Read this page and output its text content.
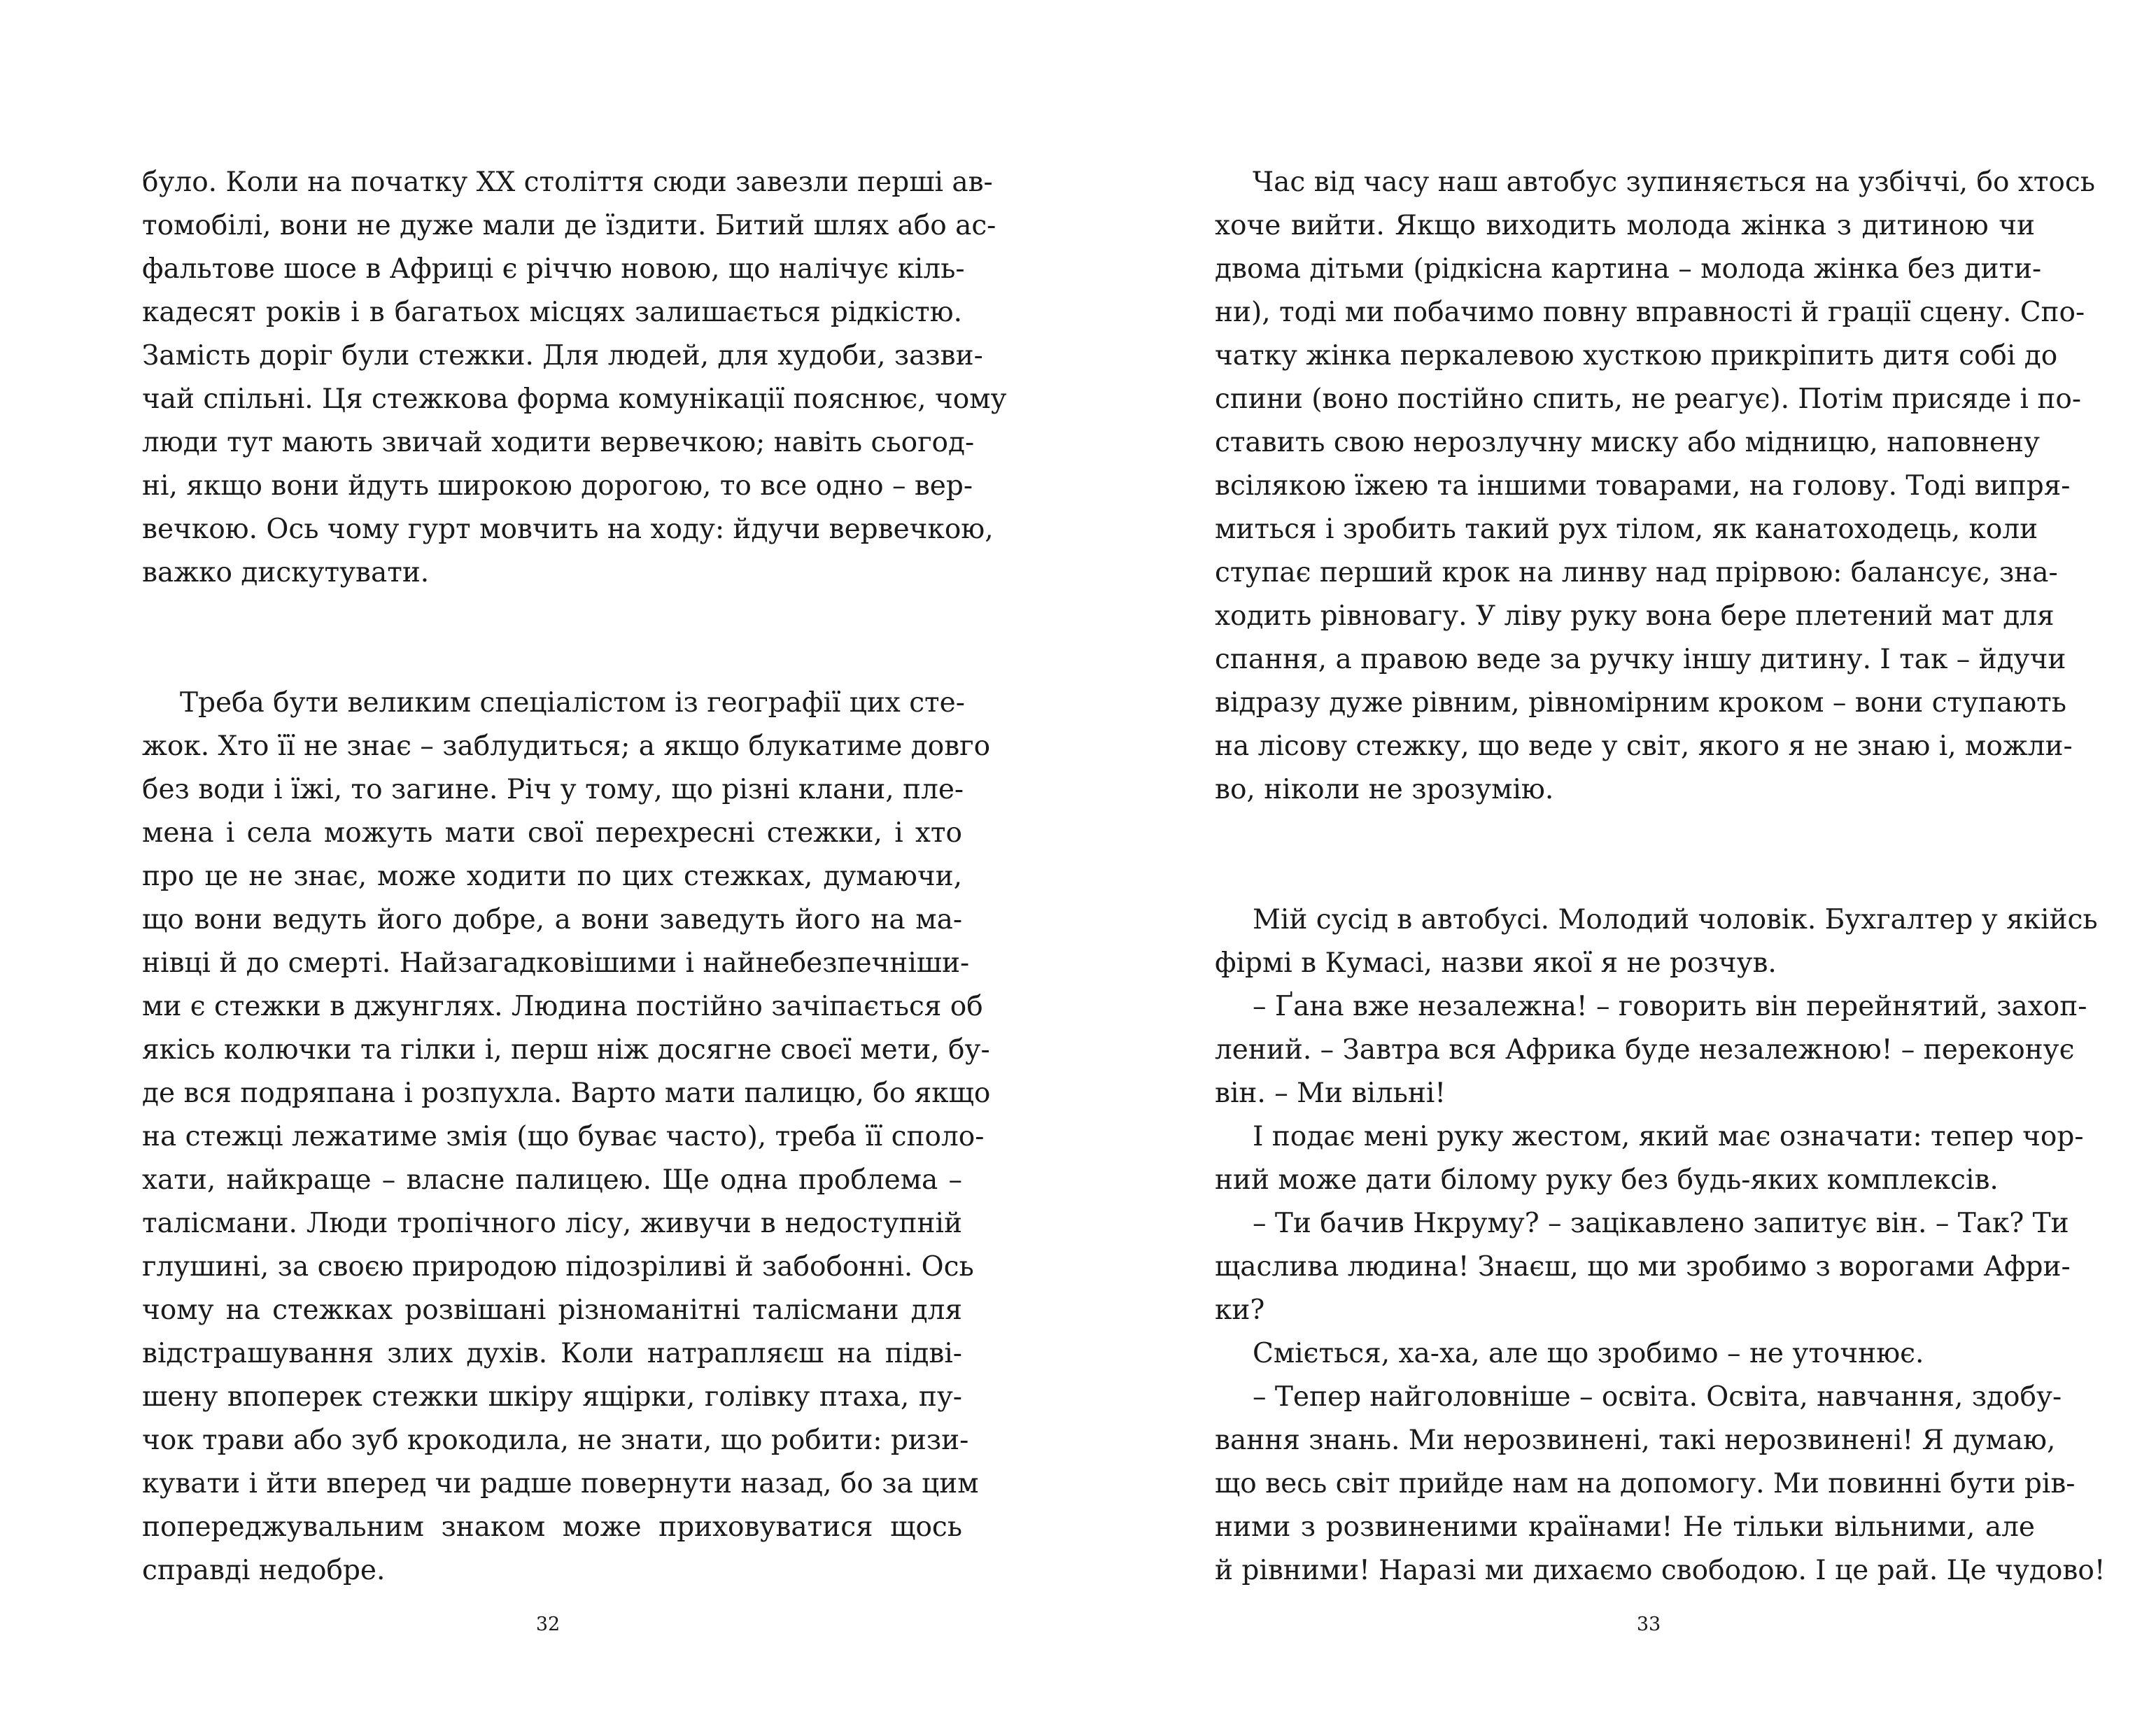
було. Коли на початку XX століття сюди завезли перші ав-
томобілі, вони не дуже мали де їздити. Битий шлях або ас-
фальтове шосе в Африці є річчю новою, що налічує кіль-
кадесят років і в багатьох місцях залишається рідкістю.
Замість доріг були стежки. Для людей, для худоби, зазви-
чай спільні. Ця стежкова форма комунікації пояснює, чому
люди тут мають звичай ходити вервечкою; навіть сьогод-
ні, якщо вони йдуть широкою дорогою, то все одно – вер-
вечкою. Ось чому гурт мовчить на ходу: йдучи вервечкою,
важко дискутувати.

Треба бути великим спеціалістом із географії цих сте-
жок. Хто її не знає – заблудиться; а якщо блукатиме довго
без води і їжі, то загине. Річ у тому, що різні клани, пле-
мена і села можуть мати свої перехресні стежки, і хто
про це не знає, може ходити по цих стежках, думаючи,
що вони ведуть його добре, а вони заведуть його на ма-
нівці й до смерті. Найзагадковішими і найнебезпечніши-
ми є стежки в джунглях. Людина постійно зачіпається об
якісь колючки та гілки і, перш ніж досягне своєї мети, бу-
де вся подряпана і розпухла. Варто мати палицю, бо якщо
на стежці лежатиме змія (що буває часто), треба її споло-
хати, найкраще – власне палицею. Ще одна проблема –
талісмани. Люди тропічного лісу, живучи в недоступній
глушині, за своєю природою підозріливі й забобонні. Ось
чому на стежках розвішані різноманітні талісмани для
відстрашування злих духів. Коли натрапляєш на підві-
шену впоперек стежки шкіру ящірки, голівку птаха, пу-
чок трави або зуб крокодила, не знати, що робити: ризи-
кувати і йти вперед чи радше повернути назад, бо за цим
попереджувальним знаком може приховуватися щось
справді недобре.

32

Час від часу наш автобус зупиняється на узбіччі, бо хтось
хоче вийти. Якщо виходить молода жінка з дитиною чи
двома дітьми (рідкісна картина – молода жінка без дити-
ни), тоді ми побачимо повну вправності й грації сцену. Спо-
чатку жінка перкалевою хусткою прикріпить дитя собі до
спини (воно постійно спить, не реагує). Потім присяде і по-
ставить свою нерозлучну миску або мідницю, наповнену
всілякою їжею та іншими товарами, на голову. Тоді випря-
миться і зробить такий рух тілом, як канатоходець, коли
ступає перший крок на линву над прірвою: балансує, зна-
ходить рівновагу. У ліву руку вона бере плетений мат для
спання, а правою веде за ручку іншу дитину. І так – йдучи
відразу дуже рівним, рівномірним кроком – вони ступають
на лісову стежку, що веде у світ, якого я не знаю і, можли-
во, ніколи не зрозумію.

Мій сусід в автобусі. Молодий чоловік. Бухгалтер у якійсь
фірмі в Кумасі, назви якої я не розчув.

– Ґана вже незалежна! – говорить він перейнятий, захоп-
лений. – Завтра вся Африка буде незалежною! – переконує
він. – Ми вільні!

І подає мені руку жестом, який має означати: тепер чор-
ний може дати білому руку без будь-яких комплексів.

– Ти бачив Нкруму? – зацікавлено запитує він. – Так? Ти
щаслива людина! Знаєш, що ми зробимо з ворогами Афри-
ки?

Сміється, ха-ха, але що зробимо – не уточнює.

– Тепер найголовніше – освіта. Освіта, навчання, здобу-
вання знань. Ми нерозвинені, такі нерозвинені! Я думаю,
що весь світ прийде нам на допомогу. Ми повинні бути рів-
ними з розвиненими країнами! Не тільки вільними, але
й рівними! Наразі ми дихаємо свободою. І це рай. Це чудово!

33
